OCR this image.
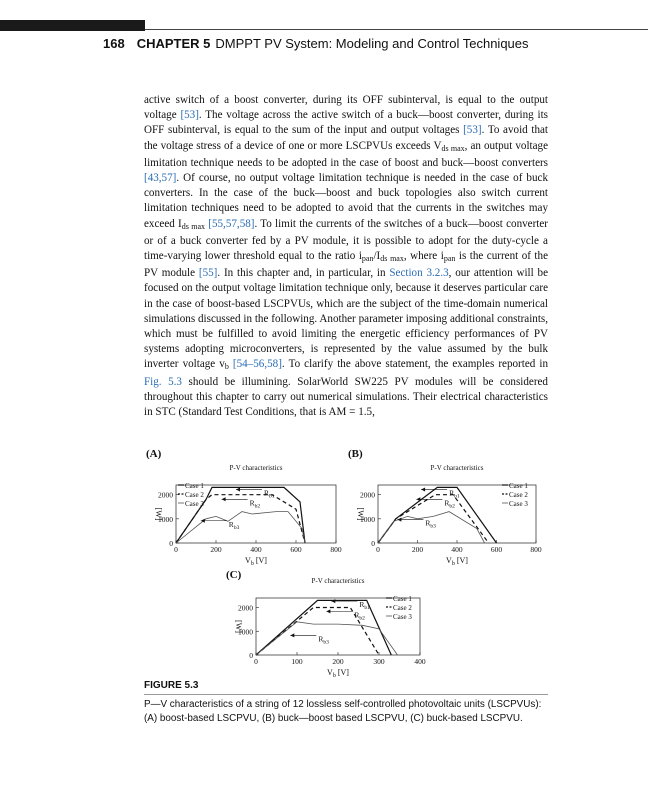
168 CHAPTER 5 DMPPT PV System: Modeling and Control Techniques

active switch of a boost converter, during its OFF subinterval, is equal to the output voltage [53]. The voltage across the active switch of a buck—boost converter, during its OFF subinterval, is equal to the sum of the input and output voltages [53]. To avoid that the voltage stress of a device of one or more LSCPVUs exceeds $V_{ds max}$, an output voltage limitation technique needs to be adopted in the case of boost and buck—boost converters [43,57]. Of course, no output voltage limitation technique is needed in the case of buck converters. In the case of the buck—boost and buck topologies also switch current limitation techniques need to be adopted to avoid that the currents in the switches may exceed $I_{ds max}$ [55,57,58]. To limit the currents of the switches of a buck—boost converter or of a buck converter fed by a PV module, it is possible to adopt for the duty-cycle a time-varying lower threshold equal to the ratio $i_{pan}/I_{ds max}$, where $i_{pan}$ is the current of the PV module [55]. In this chapter and, in particular, in Section 3.2.3, our attention will be focused on the output voltage limitation technique only, because it deserves particular care in the case of boost-based LSCPVUs, which are the subject of the time-domain numerical simulations discussed in the following. Another parameter imposing additional constraints, which must be fulfilled to avoid limiting the energetic efficiency performances of PV systems adopting microconverters, is represented by the value assumed by the bulk inverter voltage $v_b$ [54–56,58]. To clarify the above statement, the examples reported in Fig. 5.3 should be illumining. SolarWorld SW225 PV modules will be considered throughout this chapter to carry out numerical simulations. Their electrical characteristics in STC (Standard Test Conditions, that is AM = 1.5,

(A)
P-V characteristics
0	200	400	600	800
0
1000
2000
$V_b$ [V]
[W]
Case 1
Case 2
Case 3
$R_{b1}$
$R_{b2}$
$R_{b3}$
(B)
P-V characteristics
0	200	400	600	800
0
1000
2000
$V_b$ [V]
[W]
Case 1
Case 2
Case 3
$R_{b1}$
$R_{b2}$
$R_{b3}$
(C)	P-V characteristics
0	100	200	300	400
0
1000
2000
$V_b$ [V]
[W]
Case 1
Case 2
Case 3
$R_{b1}$
$R_{b2}$
$R_{b3}$
FIGURE 5.3
P—V characteristics of a string of 12 lossless self-controlled photovoltaic units (LSCPVUs): (A) boost-based LSCPVU, (B) buck—boost based LSCPVU, (C) buck-based LSCPVU.
